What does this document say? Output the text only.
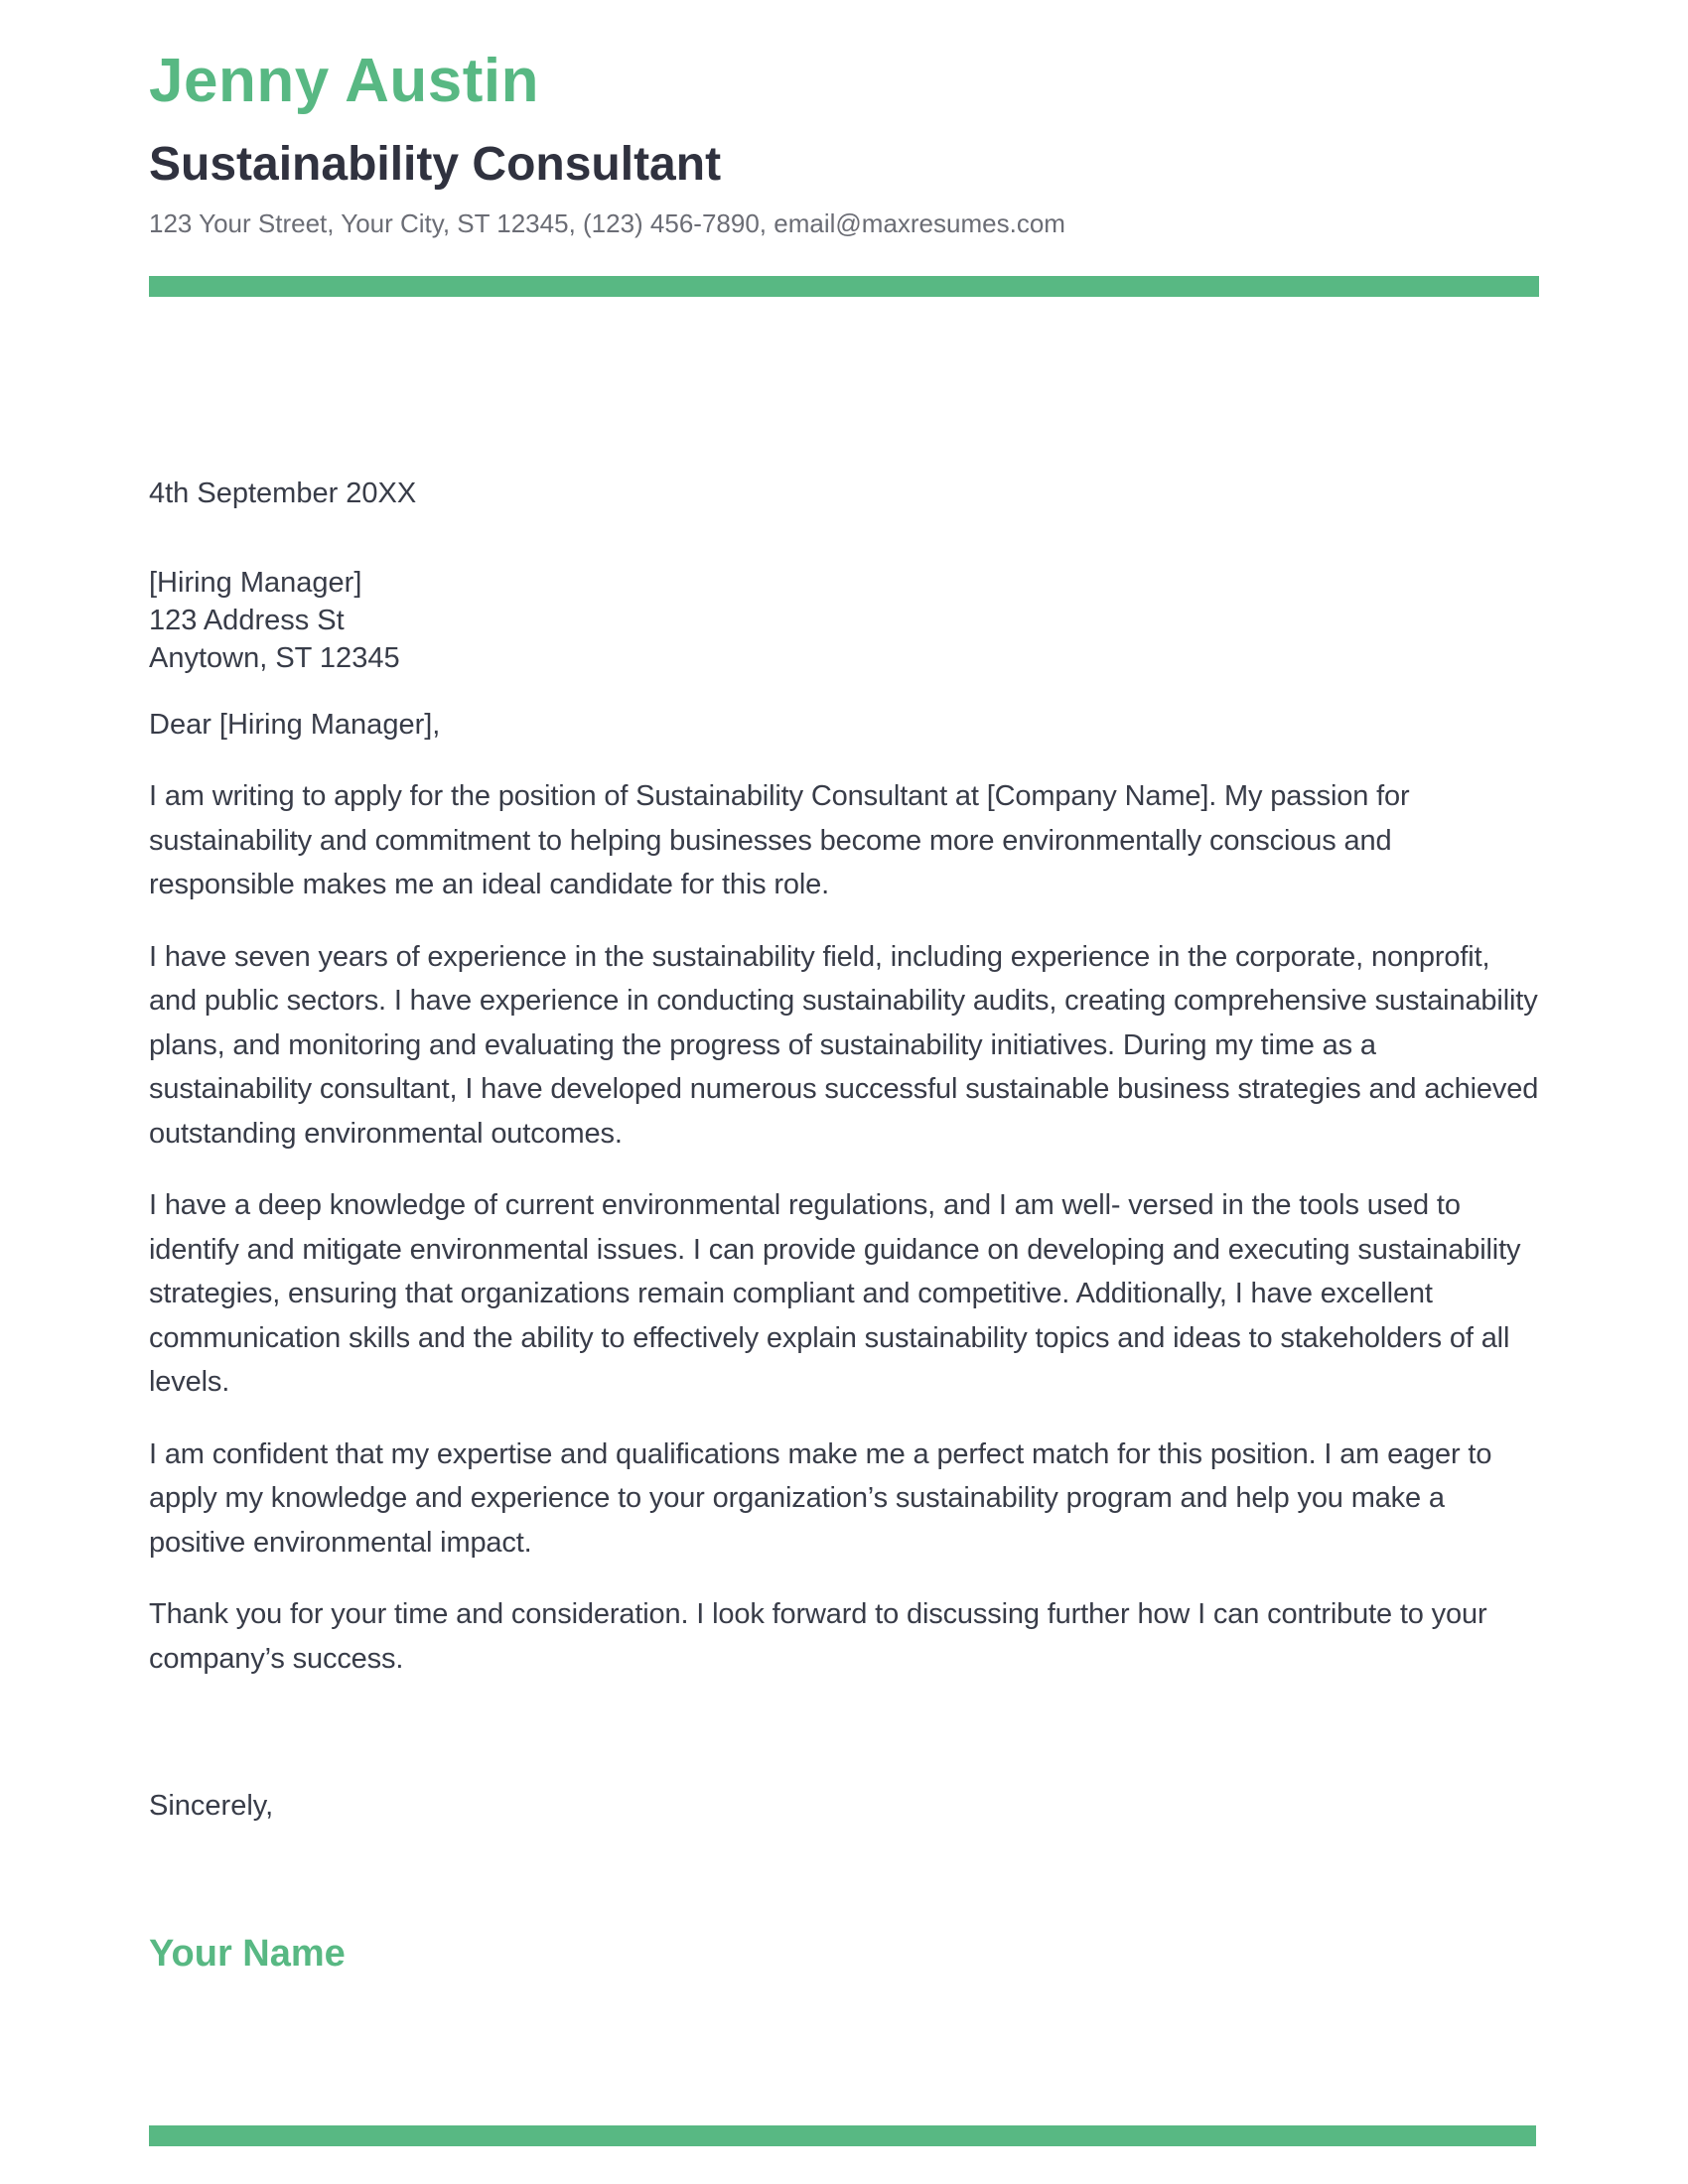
Jenny Austin
Sustainability Consultant
123 Your Street, Your City, ST 12345, (123) 456-7890, email@maxresumes.com

4th September 20XX

[Hiring Manager]
123 Address St
Anytown, ST 12345

Dear [Hiring Manager],

I am writing to apply for the position of Sustainability Consultant at [Company Name]. My passion for sustainability and commitment to helping businesses become more environmentally conscious and responsible makes me an ideal candidate for this role.

I have seven years of experience in the sustainability field, including experience in the corporate, nonprofit, and public sectors. I have experience in conducting sustainability audits, creating comprehensive sustainability plans, and monitoring and evaluating the progress of sustainability initiatives. During my time as a sustainability consultant, I have developed numerous successful sustainable business strategies and achieved outstanding environmental outcomes.

I have a deep knowledge of current environmental regulations, and I am well- versed in the tools used to identify and mitigate environmental issues. I can provide guidance on developing and executing sustainability strategies, ensuring that organizations remain compliant and competitive. Additionally, I have excellent communication skills and the ability to effectively explain sustainability topics and ideas to stakeholders of all levels.

I am confident that my expertise and qualifications make me a perfect match for this position. I am eager to apply my knowledge and experience to your organization’s sustainability program and help you make a positive environmental impact.

Thank you for your time and consideration. I look forward to discussing further how I can contribute to your company’s success.

Sincerely,

Your Name
